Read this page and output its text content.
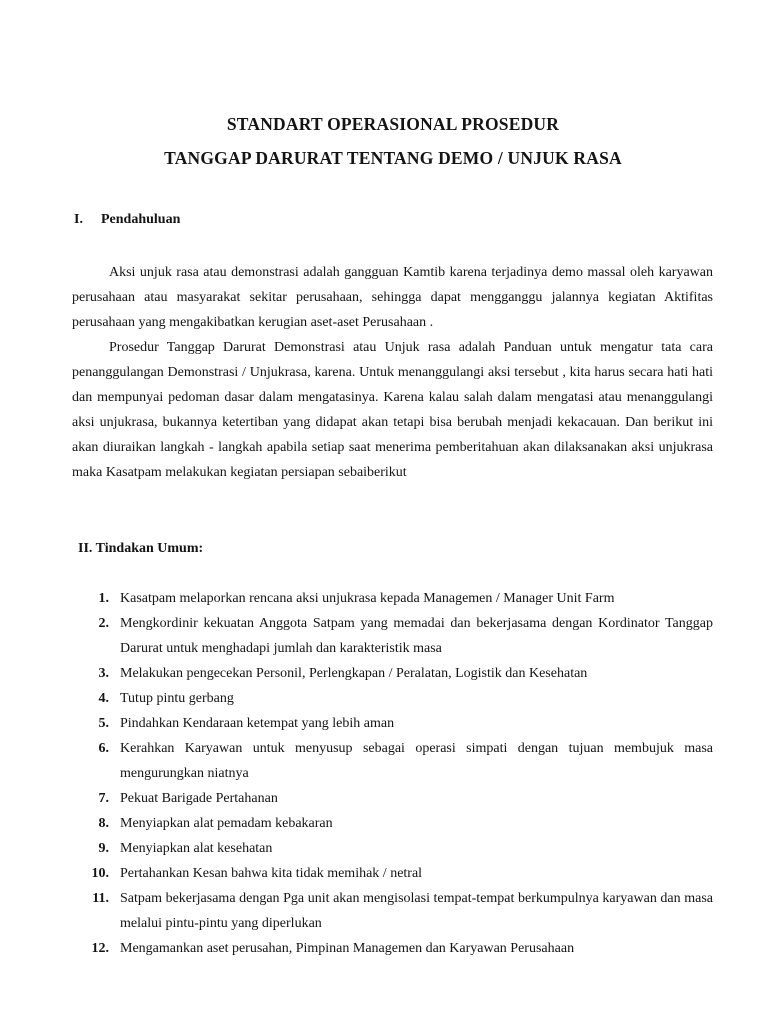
STANDART OPERASIONAL PROSEDUR
TANGGAP DARURAT TENTANG DEMO / UNJUK RASA
I. Pendahuluan

Aksi unjuk rasa atau demonstrasi adalah gangguan Kamtib karena terjadinya demo massal oleh karyawan perusahaan atau masyarakat sekitar perusahaan, sehingga dapat mengganggu jalannya kegiatan Aktifitas perusahaan yang mengakibatkan kerugian aset-aset Perusahaan .

Prosedur Tanggap Darurat Demonstrasi atau Unjuk rasa adalah Panduan untuk mengatur tata cara penanggulangan Demonstrasi / Unjukrasa, karena. Untuk menanggulangi aksi tersebut , kita harus secara hati hati dan mempunyai pedoman dasar dalam mengatasinya. Karena kalau salah dalam mengatasi atau menanggulangi aksi unjukrasa, bukannya ketertiban yang didapat akan tetapi bisa berubah menjadi kekacauan. Dan berikut ini akan diuraikan langkah - langkah apabila setiap saat menerima pemberitahuan akan dilaksanakan aksi unjukrasa maka Kasatpam melakukan kegiatan persiapan sebaiberikut

II. Tindakan Umum:
1. Kasatpam melaporkan rencana aksi unjukrasa kepada Managemen / Manager Unit Farm
2. Mengkordinir kekuatan Anggota Satpam yang memadai dan bekerjasama dengan Kordinator Tanggap Darurat untuk menghadapi jumlah dan karakteristik masa
3. Melakukan pengecekan Personil, Perlengkapan / Peralatan, Logistik dan Kesehatan
4. Tutup pintu gerbang
5. Pindahkan Kendaraan ketempat yang lebih aman
6. Kerahkan Karyawan untuk menyusup sebagai operasi simpati dengan tujuan membujuk masa mengurungkan niatnya
7. Pekuat Barigade Pertahanan
8. Menyiapkan alat pemadam kebakaran
9. Menyiapkan alat kesehatan
10. Pertahankan Kesan bahwa kita tidak memihak / netral
11. Satpam bekerjasama dengan Pga unit akan mengisolasi tempat-tempat berkumpulnya karyawan dan masa melalui pintu-pintu yang diperlukan
12. Mengamankan aset perusahan, Pimpinan Managemen dan Karyawan Perusahaan
